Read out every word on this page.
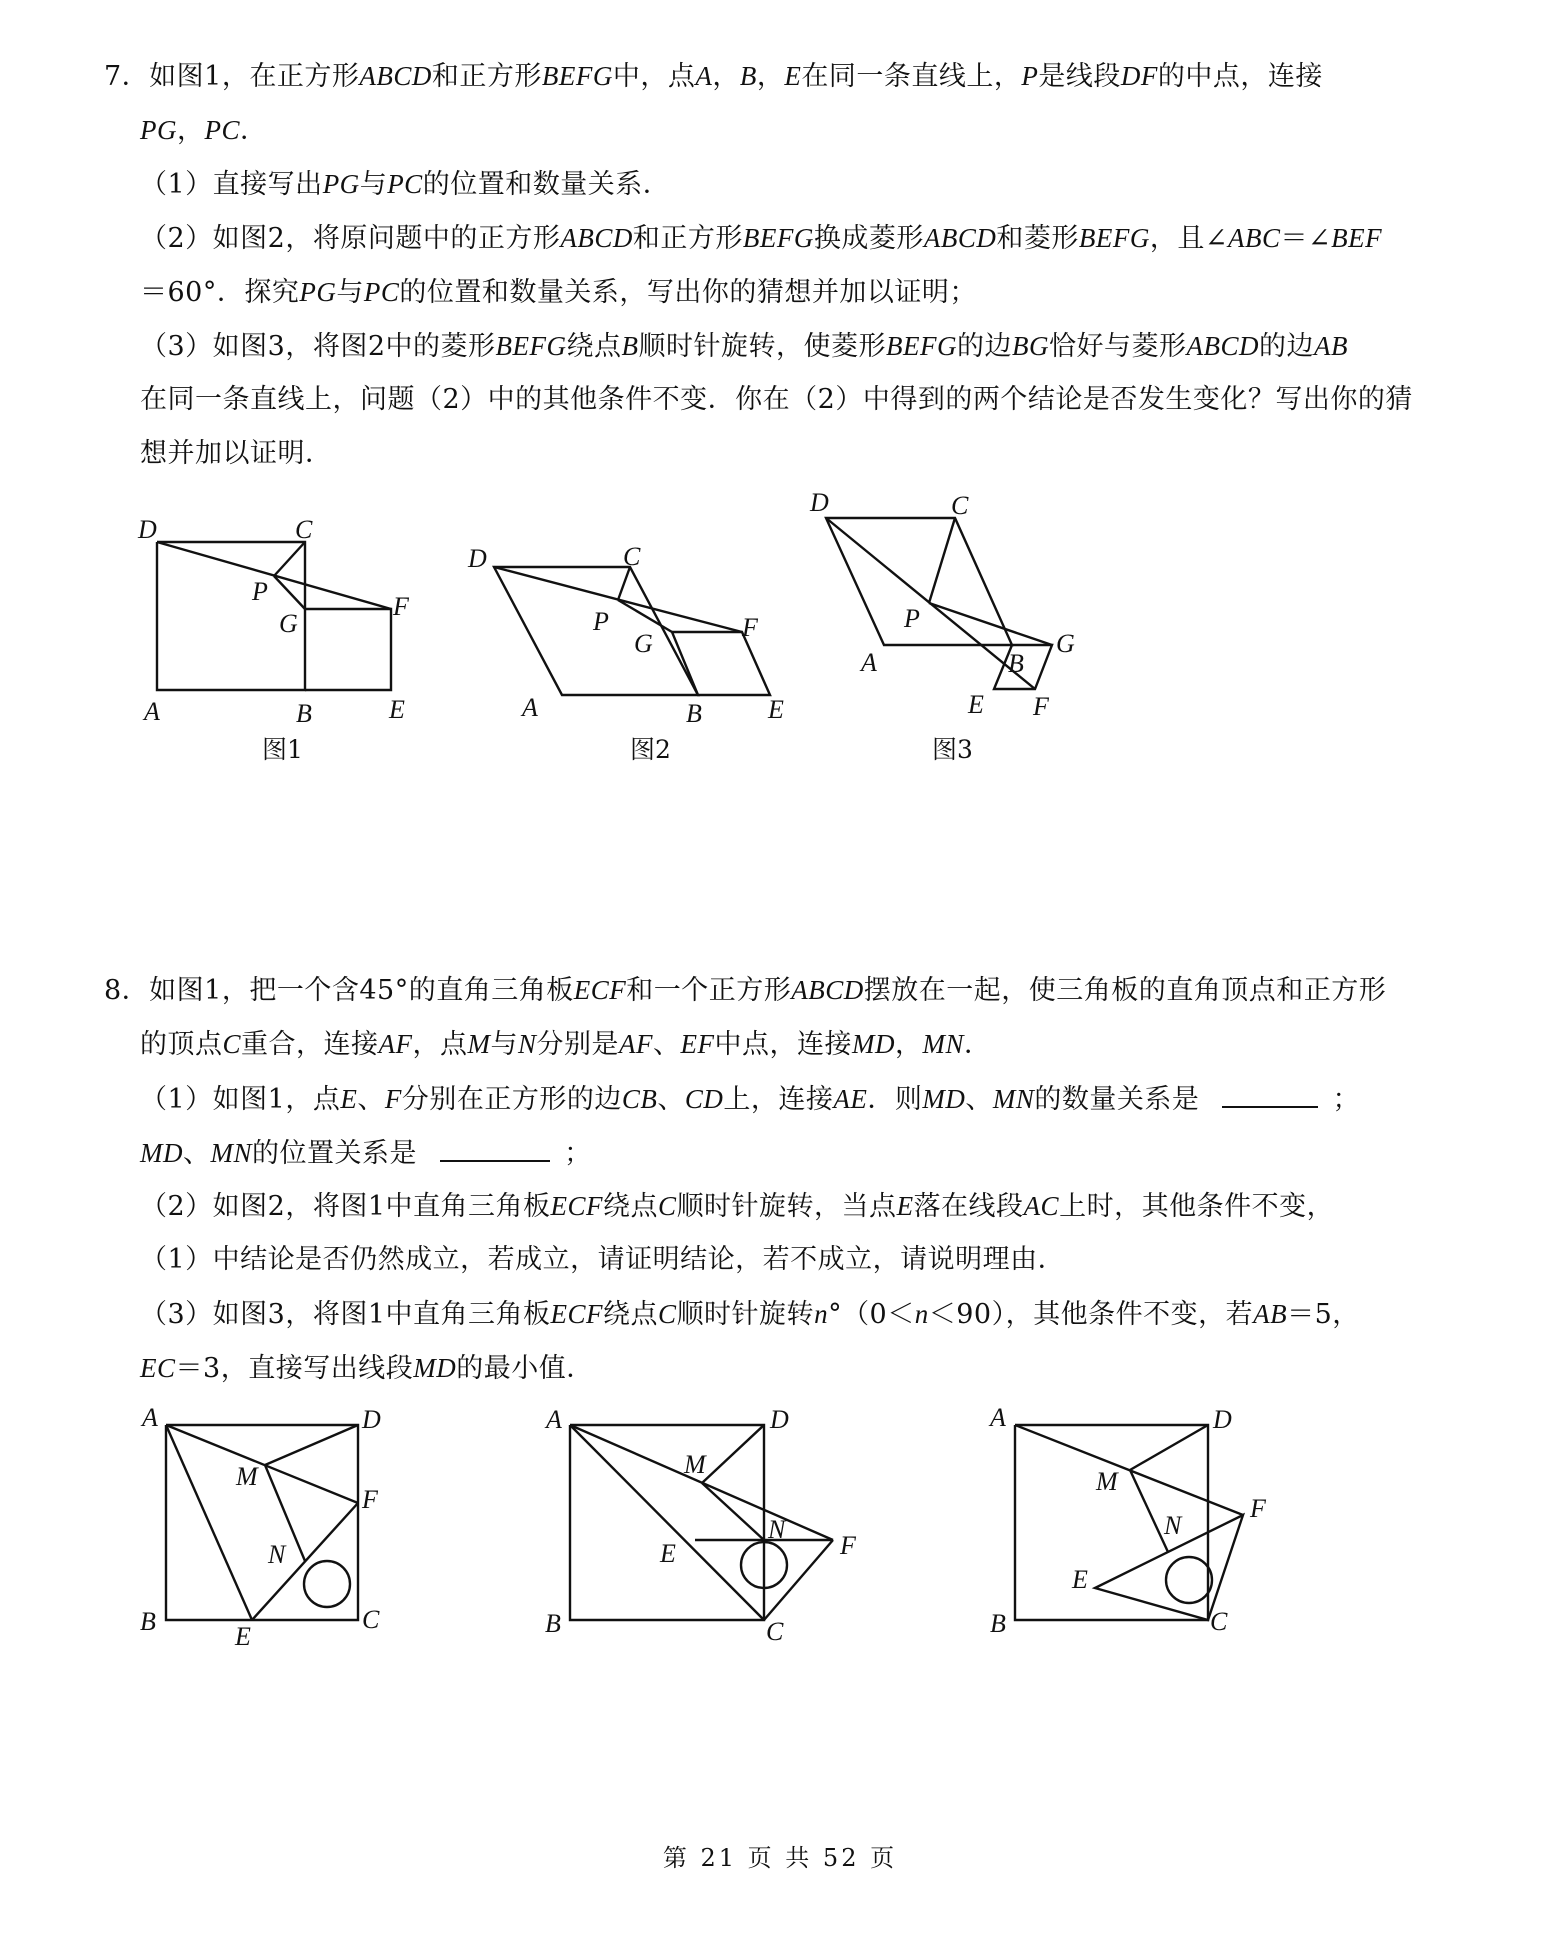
7．如图1，在正方形ABCD和正方形BEFG中，点A，B，E在同一条直线上，P是线段DF的中点，连接
PG，PC．
（1）直接写出PG与PC的位置和数量关系．
（2）如图2，将原问题中的正方形ABCD和正方形BEFG换成菱形ABCD和菱形BEFG，且∠ABC＝∠BEF
＝60°．探究PG与PC的位置和数量关系，写出你的猜想并加以证明；
（3）如图3，将图2中的菱形BEFG绕点B顺时针旋转，使菱形BEFG的边BG恰好与菱形ABCD的边AB
在同一条直线上，问题（2）中的其他条件不变．你在（2）中得到的两个结论是否发生变化？写出你的猜
想并加以证明．
8．如图1，把一个含45°的直角三角板ECF和一个正方形ABCD摆放在一起，使三角板的直角顶点和正方形
的顶点C重合，连接AF，点M与N分别是AF、EF中点，连接MD，MN．
（1）如图1，点E、F分别在正方形的边CB、CD上，连接AE．则MD、MN的数量关系是	；
MD、MN的位置关系是	；
（2）如图2，将图1中直角三角板ECF绕点C顺时针旋转，当点E落在线段AC上时，其他条件不变，
（1）中结论是否仍然成立，若成立，请证明结论，若不成立，请说明理由．
（3）如图3，将图1中直角三角板ECF绕点C顺时针旋转n°（0＜n＜90），其他条件不变，若AB＝5，
EC＝3，直接写出线段MD的最小值．
D	C
P
G
F
A	B	E
图1
D	C
P
G
F
A	B	E
图2
D	C
P
G
B
A
E F
图3
A	D
M
F
N
B
E
C
A	D
M
N
F
E
B	C
A	D
M
F
N
E
B	C
第 21 页 共 52 页
